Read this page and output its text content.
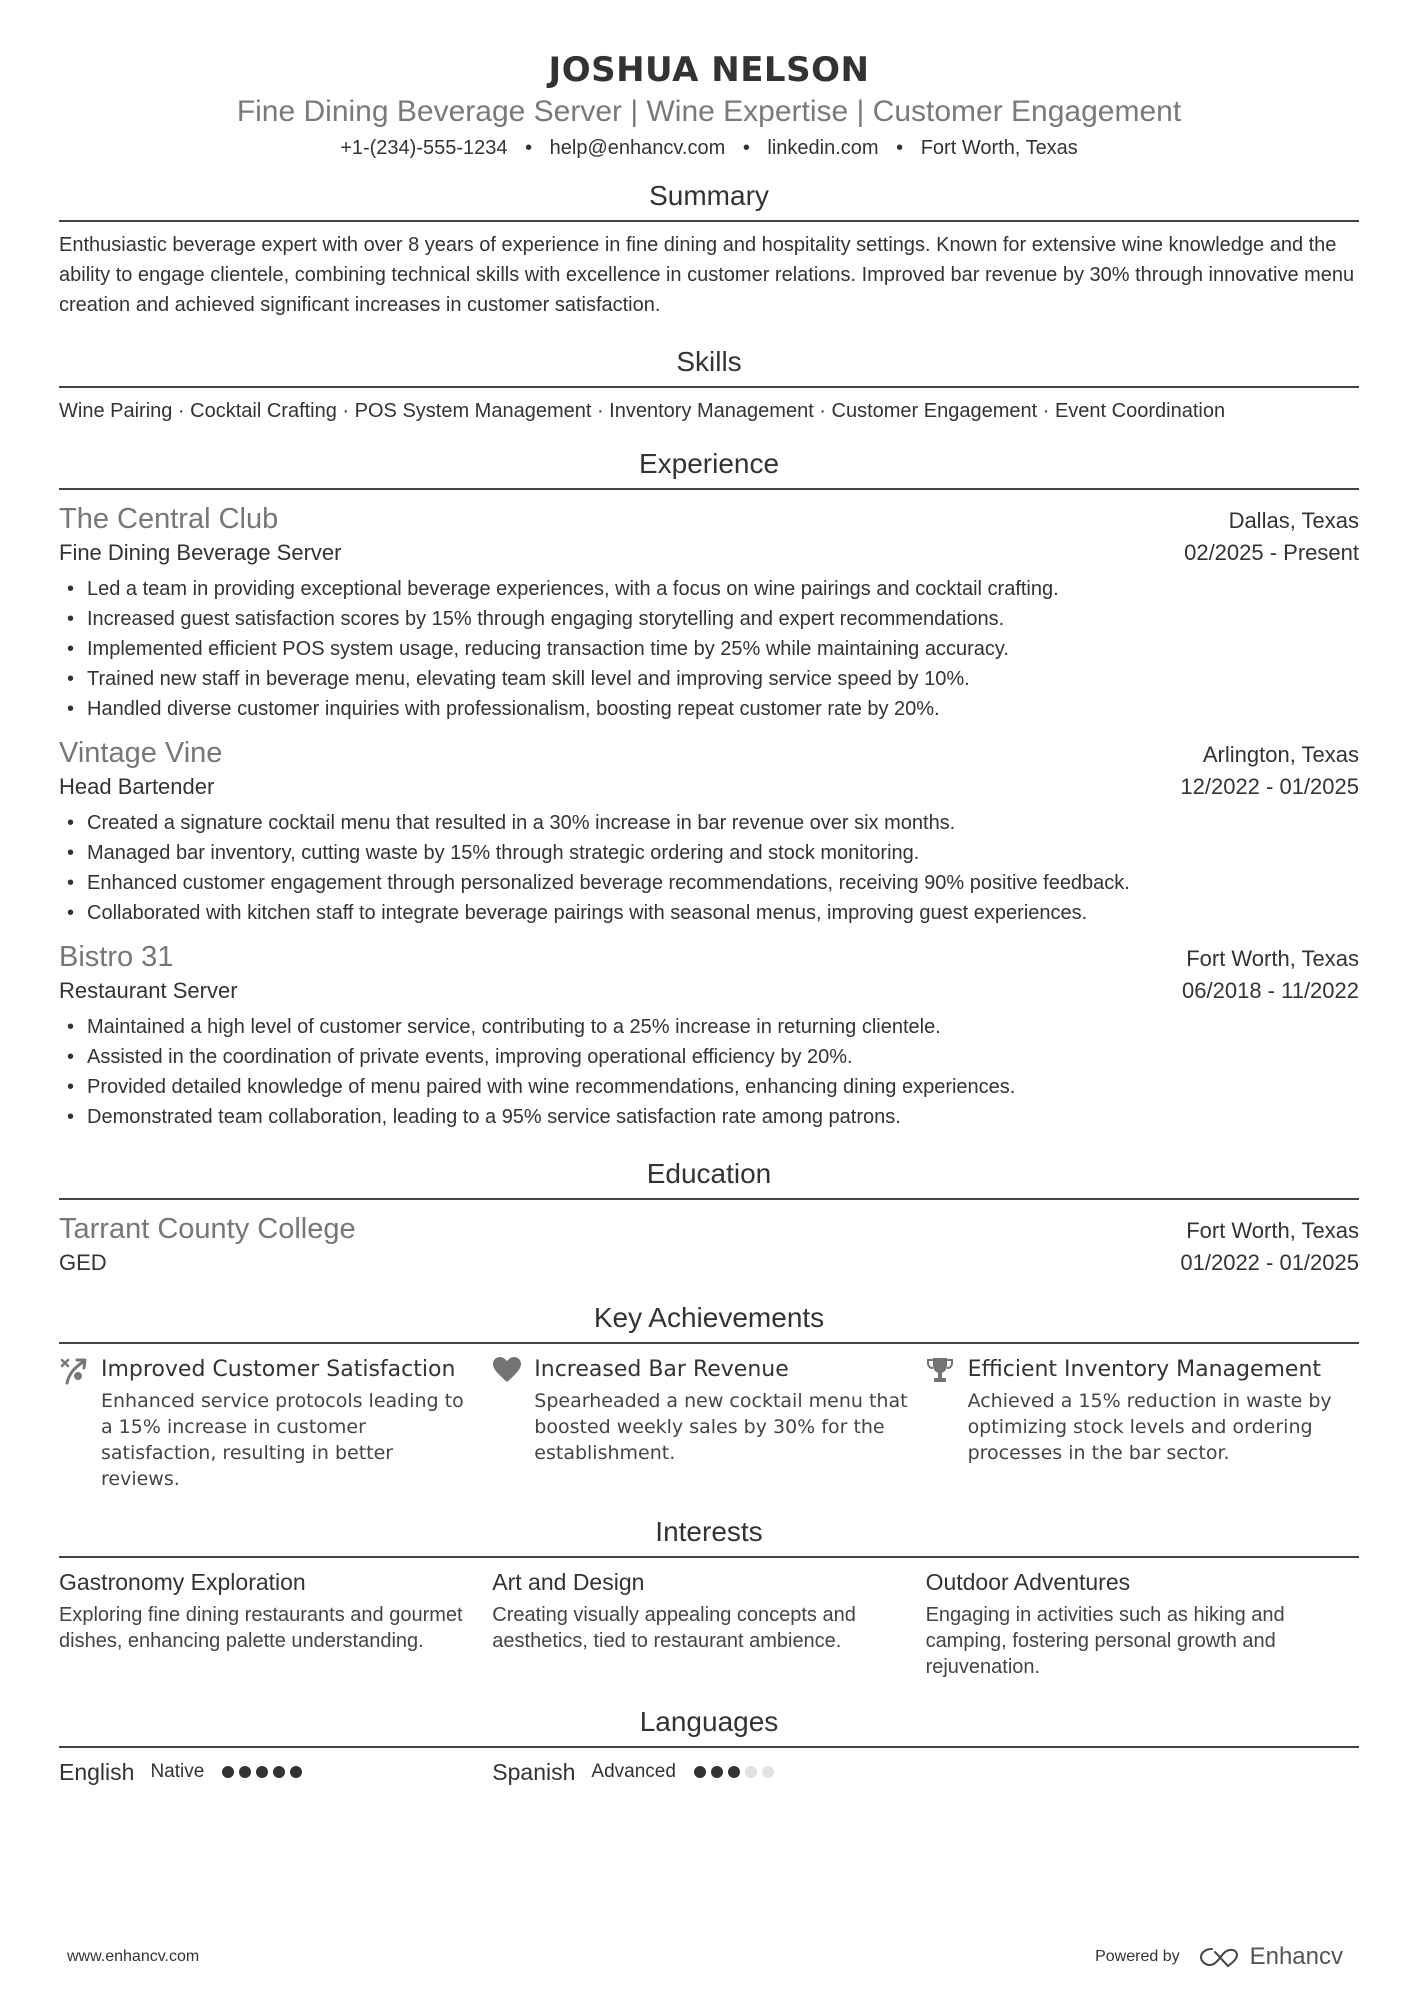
JOSHUA NELSON
Fine Dining Beverage Server | Wine Expertise | Customer Engagement
+1-(234)-555-1234 • help@enhancv.com • linkedin.com • Fort Worth, Texas
Summary
Enthusiastic beverage expert with over 8 years of experience in fine dining and hospitality settings. Known for extensive wine knowledge and the ability to engage clientele, combining technical skills with excellence in customer relations. Improved bar revenue by 30% through innovative menu creation and achieved significant increases in customer satisfaction.
Skills
Wine Pairing · Cocktail Crafting · POS System Management · Inventory Management · Customer Engagement · Event Coordination
Experience
The Central Club	Dallas, Texas
Fine Dining Beverage Server	02/2025 - Present
• Led a team in providing exceptional beverage experiences, with a focus on wine pairings and cocktail crafting.
• Increased guest satisfaction scores by 15% through engaging storytelling and expert recommendations.
• Implemented efficient POS system usage, reducing transaction time by 25% while maintaining accuracy.
• Trained new staff in beverage menu, elevating team skill level and improving service speed by 10%.
• Handled diverse customer inquiries with professionalism, boosting repeat customer rate by 20%.
Vintage Vine	Arlington, Texas
Head Bartender	12/2022 - 01/2025
• Created a signature cocktail menu that resulted in a 30% increase in bar revenue over six months.
• Managed bar inventory, cutting waste by 15% through strategic ordering and stock monitoring.
• Enhanced customer engagement through personalized beverage recommendations, receiving 90% positive feedback.
• Collaborated with kitchen staff to integrate beverage pairings with seasonal menus, improving guest experiences.
Bistro 31	Fort Worth, Texas
Restaurant Server	06/2018 - 11/2022
• Maintained a high level of customer service, contributing to a 25% increase in returning clientele.
• Assisted in the coordination of private events, improving operational efficiency by 20%.
• Provided detailed knowledge of menu paired with wine recommendations, enhancing dining experiences.
• Demonstrated team collaboration, leading to a 95% service satisfaction rate among patrons.
Education
Tarrant County College	Fort Worth, Texas
GED	01/2022 - 01/2025
Key Achievements
Improved Customer Satisfaction
Enhanced service protocols leading to a 15% increase in customer satisfaction, resulting in better reviews.
Increased Bar Revenue
Spearheaded a new cocktail menu that boosted weekly sales by 30% for the establishment.
Efficient Inventory Management
Achieved a 15% reduction in waste by optimizing stock levels and ordering processes in the bar sector.
Interests
Gastronomy Exploration
Exploring fine dining restaurants and gourmet dishes, enhancing palette understanding.
Art and Design
Creating visually appealing concepts and aesthetics, tied to restaurant ambience.
Outdoor Adventures
Engaging in activities such as hiking and camping, fostering personal growth and rejuvenation.
Languages
English Native	Spanish Advanced
www.enhancv.com	Powered by	Enhancv
